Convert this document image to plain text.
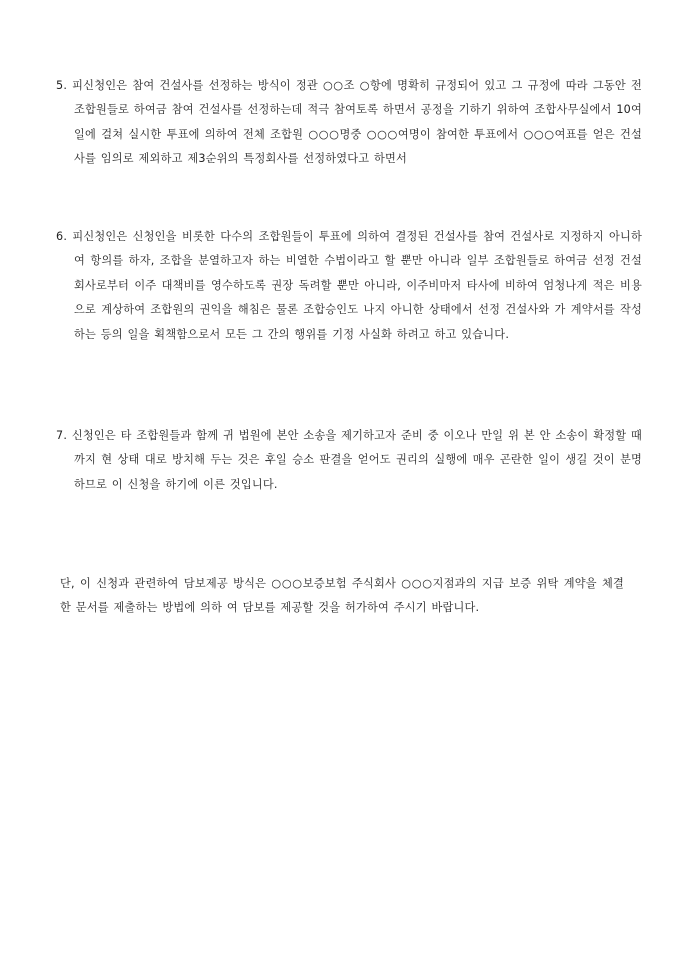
5. 피신청인은 참여 건설사를 선정하는 방식이 정관 ○○조 ○항에 명확히 규정되어 있고 그 규정에 따라 그동안 전 조합원들로 하여금 참여 건설사를 선정하는데 적극 참여토록 하면서 공정을 기하기 위하여 조합사무실에서 10여일에 걸쳐 실시한 투표에 의하여 전체 조합원 ○○○명중 ○○○여명이 참여한 투표에서 ○○○여표를 얻은 건설사를 임의로 제외하고 제3순위의 특정회사를 선정하였다고 하면서
6. 피신청인은 신청인을 비롯한 다수의 조합원들이 투표에 의하여 결정된 건설사를 참여 건설사로 지정하지 아니하여 항의를 하자, 조합을 분열하고자 하는 비열한 수법이라고 할 뿐만 아니라 일부 조합원들로 하여금 선정 건설회사로부터 이주 대책비를 영수하도록 권장 독려할 뿐만 아니라, 이주비마저 타사에 비하여 엄청나게 적은 비용으로 계상하여 조합원의 권익을 해침은 물론 조합승인도 나지 아니한 상태에서 선정 건설사와 가 계약서를 작성하는 등의 일을 획책함으로서 모든 그 간의 행위를 기정 사실화 하려고 하고 있습니다.
7. 신청인은 타 조합원들과 함께 귀 법원에 본안 소송을 제기하고자 준비 중 이오나 만일 위 본 안 소송이 확정할 때까지 현 상태 대로 방치해 두는 것은 후일 승소 판결을 얻어도 권리의 실행에 매우 곤란한 일이 생길 것이 분명하므로 이 신청을 하기에 이른 것입니다.
단, 이 신청과 관련하여 담보제공 방식은 ○○○보증보험 주식회사 ○○○지점과의 지급 보증 위탁 계약을 체결한 문서를 제출하는 방법에 의하 여 담보를 제공할 것을 허가하여 주시기 바랍니다.
